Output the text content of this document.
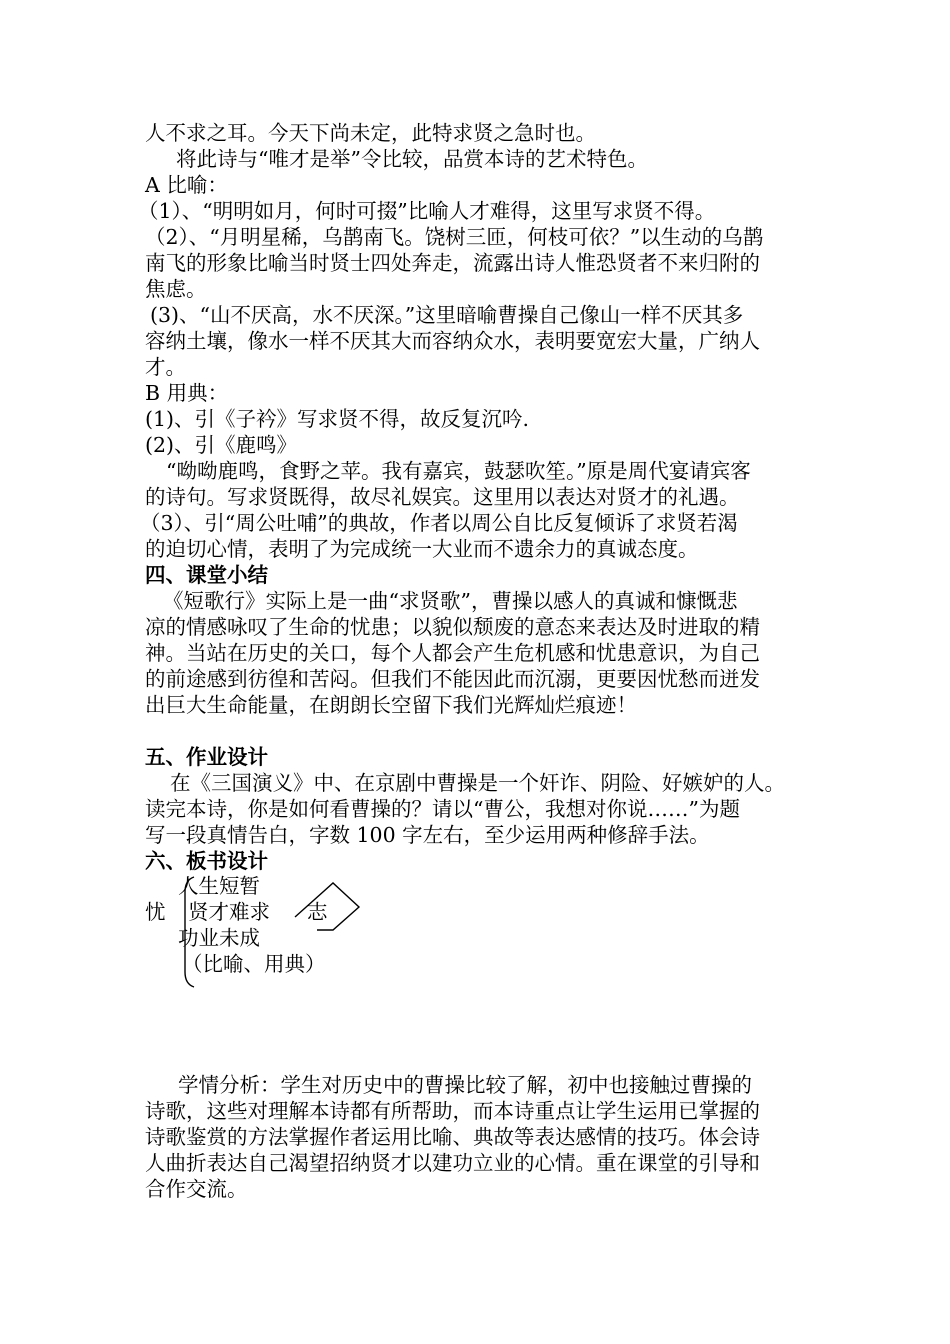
人不求之耳。今天下尚未定，此特求贤之急时也。
将此诗与“唯才是举”令比较，品赏本诗的艺术特色。
A 比喻：
（1）、“明明如月，何时可掇”比喻人才难得，这里写求贤不得。
（2）、“月明星稀，乌鹊南飞。饶树三匝，何枝可依？”以生动的乌鹊
南飞的形象比喻当时贤士四处奔走，流露出诗人惟恐贤者不来归附的
焦虑。
(3)、“山不厌高，水不厌深。”这里暗喻曹操自己像山一样不厌其多
容纳土壤，像水一样不厌其大而容纳众水，表明要宽宏大量，广纳人
才。
B 用典：
(1)、引《子衿》写求贤不得，故反复沉吟.
(2)、引《鹿鸣》
“呦呦鹿鸣，食野之苹。我有嘉宾，鼓瑟吹笙。”原是周代宴请宾客
的诗句。写求贤既得，故尽礼娱宾。这里用以表达对贤才的礼遇。
（3）、引“周公吐哺”的典故，作者以周公自比反复倾诉了求贤若渴
的迫切心情，表明了为完成统一大业而不遗余力的真诚态度。
四、课堂小结
《短歌行》实际上是一曲“求贤歌”，曹操以感人的真诚和慷慨悲
凉的情感咏叹了生命的忧患；以貌似颓废的意态来表达及时进取的精
神。当站在历史的关口，每个人都会产生危机感和忧患意识，为自己
的前途感到彷徨和苦闷。但我们不能因此而沉溺，更要因忧愁而迸发
出巨大生命能量，在朗朗长空留下我们光辉灿烂痕迹！
五、作业设计
在《三国演义》中、在京剧中曹操是一个奸诈、阴险、好嫉妒的人。
读完本诗，你是如何看曹操的？请以“曹公，我想对你说……”为题
写一段真情告白，字数 100 字左右，至少运用两种修辞手法。
六、板书设计
人生短暂
忧 贤才难求 志
功业未成
（比喻、用典）
学情分析：学生对历史中的曹操比较了解，初中也接触过曹操的
诗歌，这些对理解本诗都有所帮助，而本诗重点让学生运用已掌握的
诗歌鉴赏的方法掌握作者运用比喻、典故等表达感情的技巧。体会诗
人曲折表达自己渴望招纳贤才以建功立业的心情。重在课堂的引导和
合作交流。
